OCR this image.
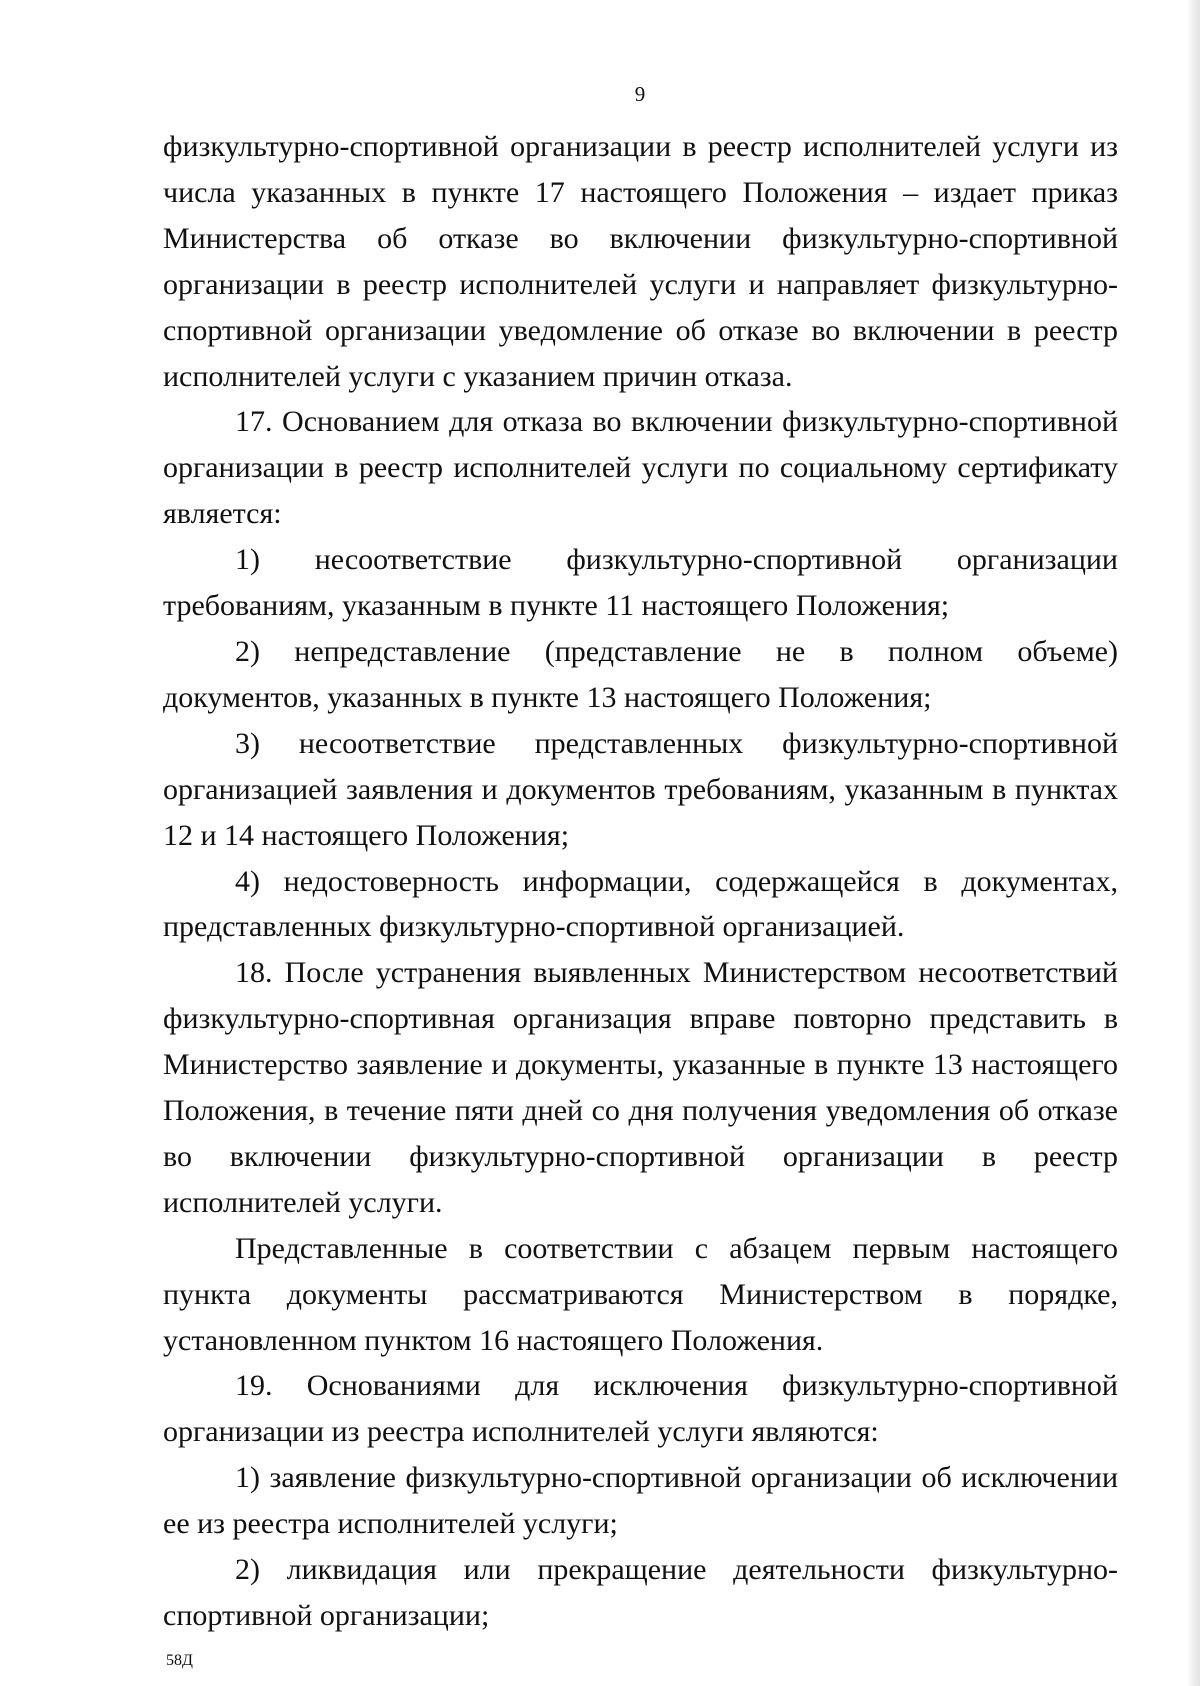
9

физкультурно-спортивной организации в реестр исполнителей услуги из числа указанных в пункте 17 настоящего Положения – издает приказ Министерства об отказе во включении физкультурно-спортивной организации в реестр исполнителей услуги и направляет физкультурно-спортивной организации уведомление об отказе во включении в реестр исполнителей услуги с указанием причин отказа.

17. Основанием для отказа во включении физкультурно-спортивной организации в реестр исполнителей услуги по социальному сертификату является:

1) несоответствие физкультурно-спортивной организации требованиям, указанным в пункте 11 настоящего Положения;

2) непредставление (представление не в полном объеме) документов, указанных в пункте 13 настоящего Положения;

3) несоответствие представленных физкультурно-спортивной организацией заявления и документов требованиям, указанным в пунктах 12 и 14 настоящего Положения;

4) недостоверность информации, содержащейся в документах, представленных физкультурно-спортивной организацией.

18. После устранения выявленных Министерством несоответствий физкультурно-спортивная организация вправе повторно представить в Министерство заявление и документы, указанные в пункте 13 настоящего Положения, в течение пяти дней со дня получения уведомления об отказе во включении физкультурно-спортивной организации в реестр исполнителей услуги.

Представленные в соответствии с абзацем первым настоящего пункта документы рассматриваются Министерством в порядке, установленном пунктом 16 настоящего Положения.

19. Основаниями для исключения физкультурно-спортивной организации из реестра исполнителей услуги являются:

1) заявление физкультурно-спортивной организации об исключении ее из реестра исполнителей услуги;

2) ликвидация или прекращение деятельности физкультурно-спортивной организации;

58Д
